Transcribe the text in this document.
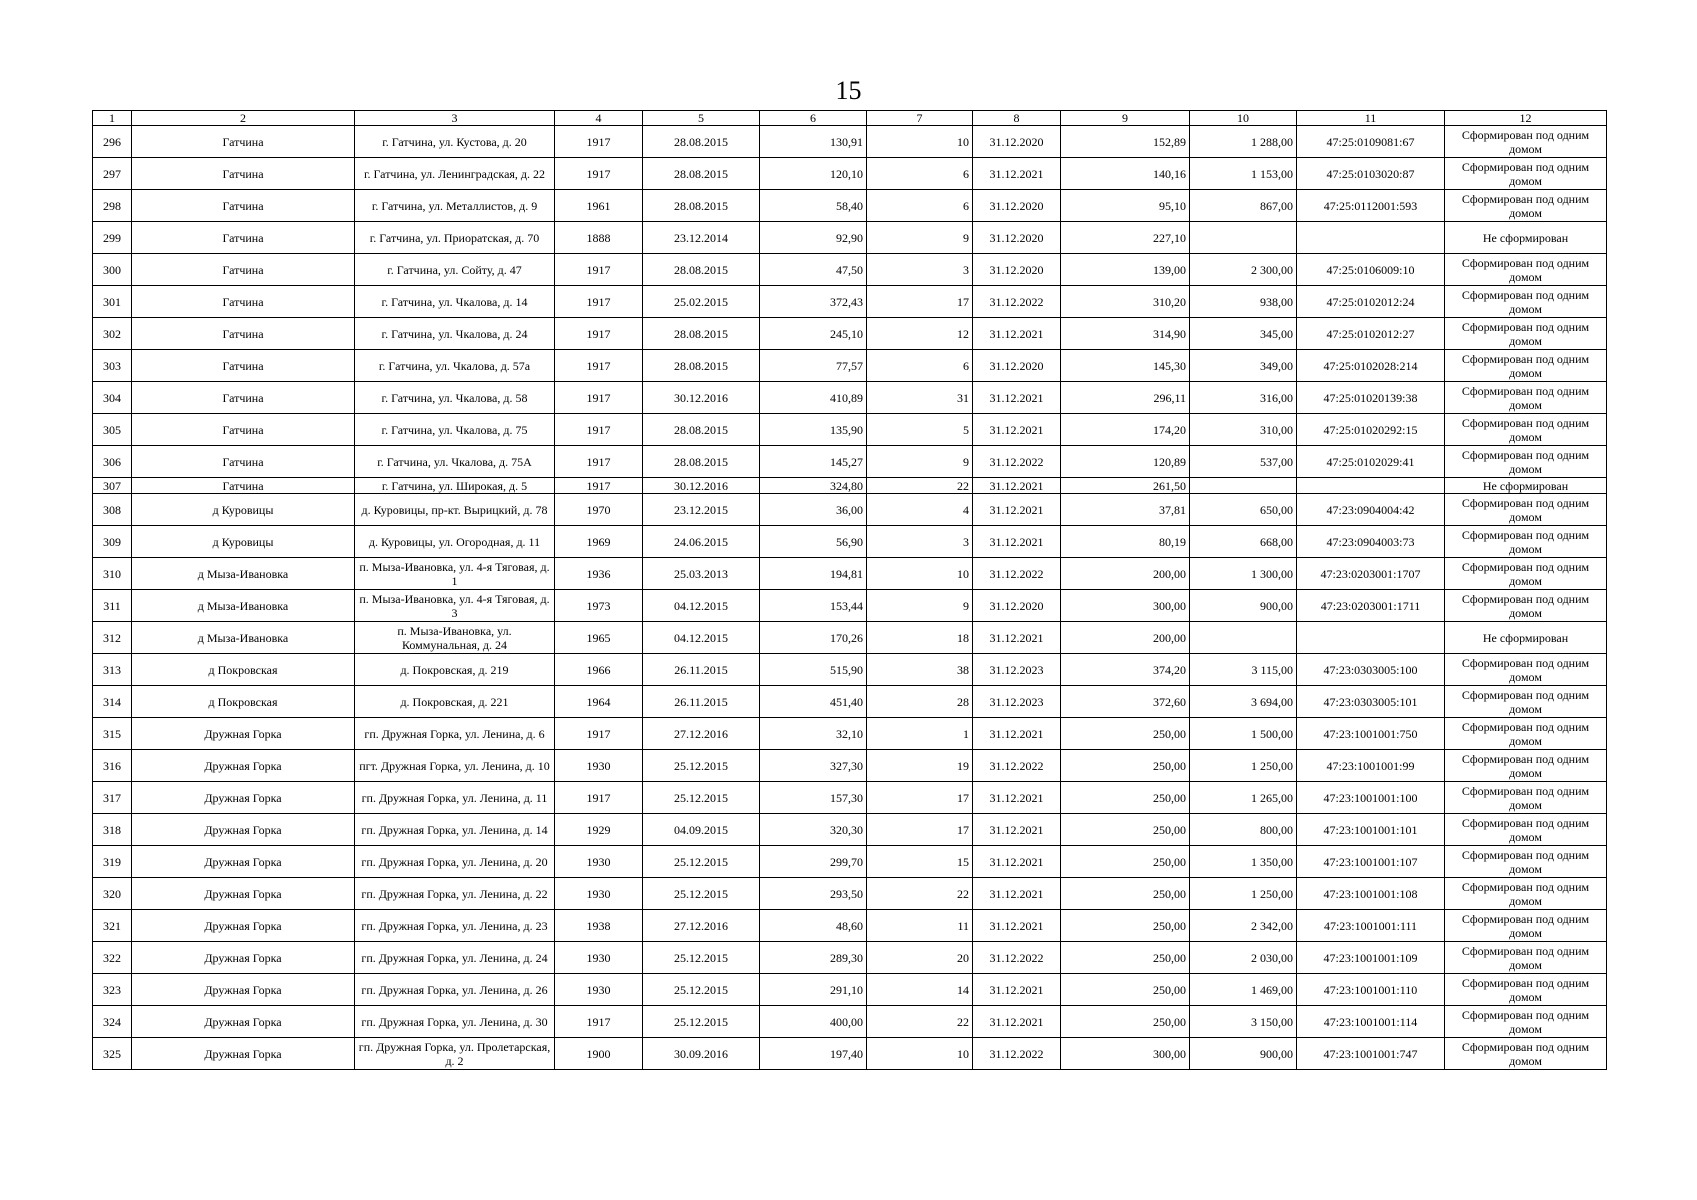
15
1	2	3	4	5	6	7	8	9	10	11	12
296	Гатчина	г. Гатчина, ул. Кустова, д. 20	1917	28.08.2015	130,91	10	31.12.2020	152,89	1 288,00	47:25:0109081:67	Сформирован под одним домом
297	Гатчина	г. Гатчина, ул. Ленинградская, д. 22	1917	28.08.2015	120,10	6	31.12.2021	140,16	1 153,00	47:25:0103020:87	Сформирован под одним домом
298	Гатчина	г. Гатчина, ул. Металлистов, д. 9	1961	28.08.2015	58,40	6	31.12.2020	95,10	867,00	47:25:0112001:593	Сформирован под одним домом
299	Гатчина	г. Гатчина, ул. Приоратская, д. 70	1888	23.12.2014	92,90	9	31.12.2020	227,10			Не сформирован
300	Гатчина	г. Гатчина, ул. Сойту, д. 47	1917	28.08.2015	47,50	3	31.12.2020	139,00	2 300,00	47:25:0106009:10	Сформирован под одним домом
301	Гатчина	г. Гатчина, ул. Чкалова, д. 14	1917	25.02.2015	372,43	17	31.12.2022	310,20	938,00	47:25:0102012:24	Сформирован под одним домом
302	Гатчина	г. Гатчина, ул. Чкалова, д. 24	1917	28.08.2015	245,10	12	31.12.2021	314,90	345,00	47:25:0102012:27	Сформирован под одним домом
303	Гатчина	г. Гатчина, ул. Чкалова, д. 57а	1917	28.08.2015	77,57	6	31.12.2020	145,30	349,00	47:25:0102028:214	Сформирован под одним домом
304	Гатчина	г. Гатчина, ул. Чкалова, д. 58	1917	30.12.2016	410,89	31	31.12.2021	296,11	316,00	47:25:01020139:38	Сформирован под одним домом
305	Гатчина	г. Гатчина, ул. Чкалова, д. 75	1917	28.08.2015	135,90	5	31.12.2021	174,20	310,00	47:25:01020292:15	Сформирован под одним домом
306	Гатчина	г. Гатчина, ул. Чкалова, д. 75А	1917	28.08.2015	145,27	9	31.12.2022	120,89	537,00	47:25:0102029:41	Сформирован под одним домом
307	Гатчина	г. Гатчина, ул. Широкая, д. 5	1917	30.12.2016	324,80	22	31.12.2021	261,50			Не сформирован
308	д Куровицы	д. Куровицы, пр-кт. Вырицкий, д. 78	1970	23.12.2015	36,00	4	31.12.2021	37,81	650,00	47:23:0904004:42	Сформирован под одним домом
309	д Куровицы	д. Куровицы, ул. Огородная, д. 11	1969	24.06.2015	56,90	3	31.12.2021	80,19	668,00	47:23:0904003:73	Сформирован под одним домом
310	д Мыза-Ивановка	п. Мыза-Ивановка, ул. 4-я Тяговая, д. 1	1936	25.03.2013	194,81	10	31.12.2022	200,00	1 300,00	47:23:0203001:1707	Сформирован под одним домом
311	д Мыза-Ивановка	п. Мыза-Ивановка, ул. 4-я Тяговая, д. 3	1973	04.12.2015	153,44	9	31.12.2020	300,00	900,00	47:23:0203001:1711	Сформирован под одним домом
312	д Мыза-Ивановка	п. Мыза-Ивановка, ул. Коммунальная, д. 24	1965	04.12.2015	170,26	18	31.12.2021	200,00			Не сформирован
313	д Покровская	д. Покровская, д. 219	1966	26.11.2015	515,90	38	31.12.2023	374,20	3 115,00	47:23:0303005:100	Сформирован под одним домом
314	д Покровская	д. Покровская, д. 221	1964	26.11.2015	451,40	28	31.12.2023	372,60	3 694,00	47:23:0303005:101	Сформирован под одним домом
315	Дружная Горка	гп. Дружная Горка, ул. Ленина, д. 6	1917	27.12.2016	32,10	1	31.12.2021	250,00	1 500,00	47:23:1001001:750	Сформирован под одним домом
316	Дружная Горка	пгт. Дружная Горка, ул. Ленина, д. 10	1930	25.12.2015	327,30	19	31.12.2022	250,00	1 250,00	47:23:1001001:99	Сформирован под одним домом
317	Дружная Горка	гп. Дружная Горка, ул. Ленина, д. 11	1917	25.12.2015	157,30	17	31.12.2021	250,00	1 265,00	47:23:1001001:100	Сформирован под одним домом
318	Дружная Горка	гп. Дружная Горка, ул. Ленина, д. 14	1929	04.09.2015	320,30	17	31.12.2021	250,00	800,00	47:23:1001001:101	Сформирован под одним домом
319	Дружная Горка	гп. Дружная Горка, ул. Ленина, д. 20	1930	25.12.2015	299,70	15	31.12.2021	250,00	1 350,00	47:23:1001001:107	Сформирован под одним домом
320	Дружная Горка	гп. Дружная Горка, ул. Ленина, д. 22	1930	25.12.2015	293,50	22	31.12.2021	250,00	1 250,00	47:23:1001001:108	Сформирован под одним домом
321	Дружная Горка	гп. Дружная Горка, ул. Ленина, д. 23	1938	27.12.2016	48,60	11	31.12.2021	250,00	2 342,00	47:23:1001001:111	Сформирован под одним домом
322	Дружная Горка	гп. Дружная Горка, ул. Ленина, д. 24	1930	25.12.2015	289,30	20	31.12.2022	250,00	2 030,00	47:23:1001001:109	Сформирован под одним домом
323	Дружная Горка	гп. Дружная Горка, ул. Ленина, д. 26	1930	25.12.2015	291,10	14	31.12.2021	250,00	1 469,00	47:23:1001001:110	Сформирован под одним домом
324	Дружная Горка	гп. Дружная Горка, ул. Ленина, д. 30	1917	25.12.2015	400,00	22	31.12.2021	250,00	3 150,00	47:23:1001001:114	Сформирован под одним домом
325	Дружная Горка	гп. Дружная Горка, ул. Пролетарская, д. 2	1900	30.09.2016	197,40	10	31.12.2022	300,00	900,00	47:23:1001001:747	Сформирован под одним домом
